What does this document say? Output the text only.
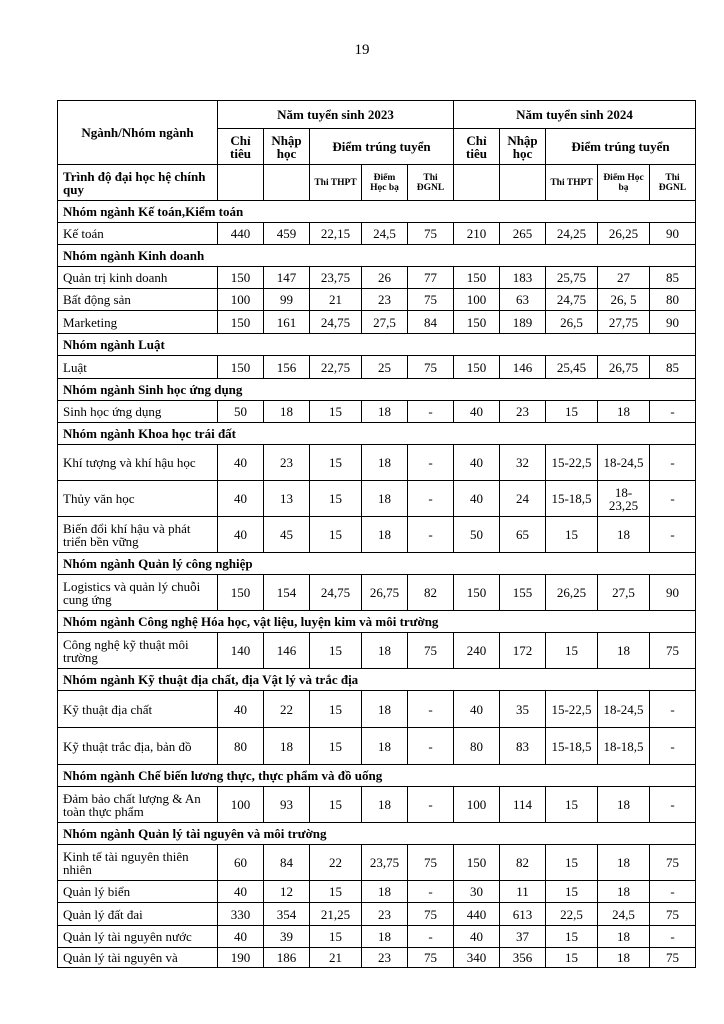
19
Ngành/Nhóm ngành	Năm tuyển sinh 2023					Năm tuyển sinh 2024				
	Chỉ tiêu	Nhập học	Điểm trúng tuyển			Chỉ tiêu	Nhập học	Điểm trúng tuyển		
Trình độ đại học hệ chính quy			Thi THPT	Điểm Học bạ	Thi ĐGNL			Thi THPT	Điểm Học bạ	Thi ĐGNL
Nhóm ngành Kế toán,Kiểm toán										
Kế toán	440	459	22,15	24,5	75	210	265	24,25	26,25	90
Nhóm ngành Kinh doanh										
Quản trị kinh doanh	150	147	23,75	26	77	150	183	25,75	27	85
Bất động sản	100	99	21	23	75	100	63	24,75	26, 5	80
Marketing	150	161	24,75	27,5	84	150	189	26,5	27,75	90
Nhóm ngành Luật										
Luật	150	156	22,75	25	75	150	146	25,45	26,75	85
Nhóm ngành Sinh học ứng dụng										
Sinh học ứng dụng	50	18	15	18	-	40	23	15	18	-
Nhóm ngành Khoa học trái đất										
Khí tượng và khí hậu học	40	23	15	18	-	40	32	15-22,5	18-24,5	-
Thủy văn học	40	13	15	18	-	40	24	15-18,5	18-23,25	-
Biến đổi khí hậu và phát triển bền vững	40	45	15	18	-	50	65	15	18	-
Nhóm ngành Quản lý công nghiệp										
Logistics và quản lý chuỗi cung ứng	150	154	24,75	26,75	82	150	155	26,25	27,5	90
Nhóm ngành Công nghệ Hóa học, vật liệu, luyện kim và môi trường										
Công nghệ kỹ thuật môi trường	140	146	15	18	75	240	172	15	18	75
Nhóm ngành Kỹ thuật địa chất, địa Vật lý và trắc địa										
Kỹ thuật địa chất	40	22	15	18	-	40	35	15-22,5	18-24,5	-
Kỹ thuật trắc địa, bản đồ	80	18	15	18	-	80	83	15-18,5	18-18,5	-
Nhóm ngành Chế biến lương thực, thực phẩm và đồ uống										
Đảm bảo chất lượng & An toàn thực phẩm	100	93	15	18	-	100	114	15	18	-
Nhóm ngành Quản lý tài nguyên và môi trường										
Kinh tế tài nguyên thiên nhiên	60	84	22	23,75	75	150	82	15	18	75
Quản lý biển	40	12	15	18	-	30	11	15	18	-
Quản lý đất đai	330	354	21,25	23	75	440	613	22,5	24,5	75
Quản lý tài nguyên nước	40	39	15	18	-	40	37	15	18	-
Quản lý tài nguyên và	190	186	21	23	75	340	356	15	18	75
